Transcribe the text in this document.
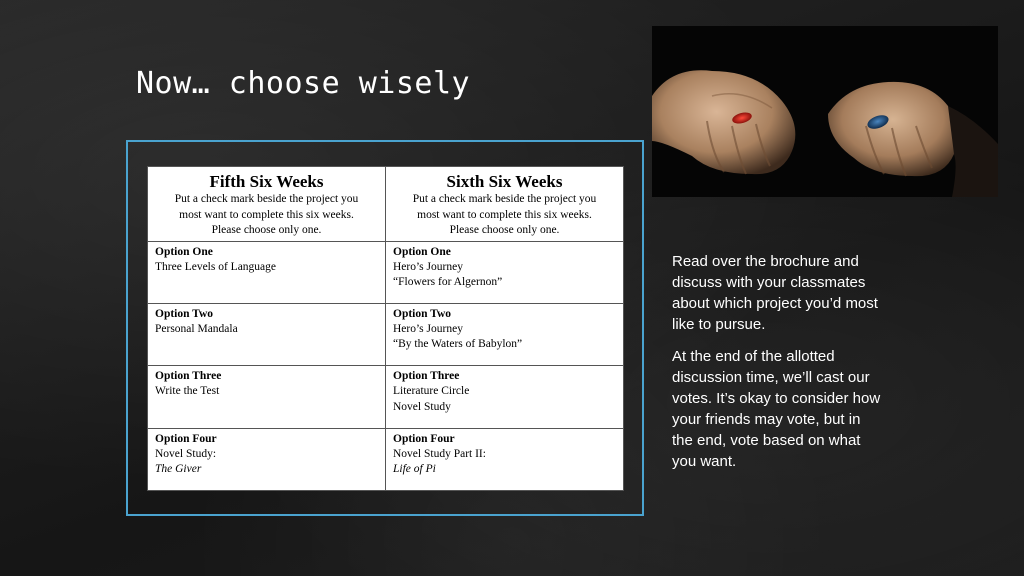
Now… choose wisely
Fifth Six Weeks
Put a check mark beside the project you
most want to complete this six weeks.
Please choose only one.	Sixth Six Weeks
Put a check mark beside the project you
most want to complete this six weeks.
Please choose only one.

Option One
Three Levels of Language	Option One
Hero’s Journey
“Flowers for Algernon”

Option Two
Personal Mandala	Option Two
Hero’s Journey
“By the Waters of Babylon”

Option Three
Write the Test	Option Three
Literature Circle
Novel Study

Option Four
Novel Study:
The Giver	Option Four
Novel Study Part II:
Life of Pi

Read over the brochure and discuss with your classmates about which project you’d most like to pursue.

At the end of the allotted discussion time, we’ll cast our votes. It’s okay to consider how your friends may vote, but in the end, vote based on what you want.
